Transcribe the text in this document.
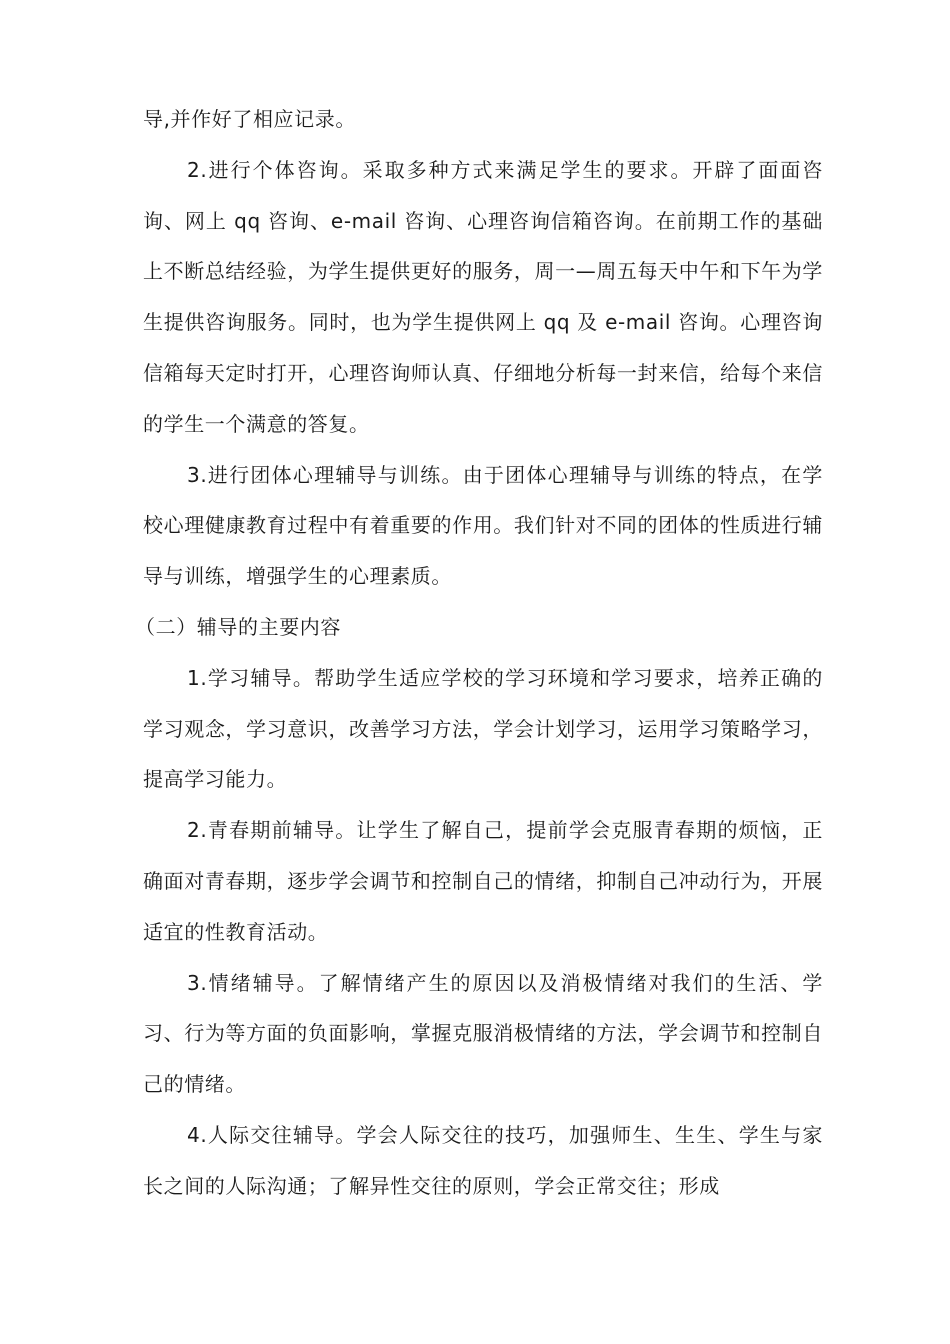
导,并作好了相应记录。

2.进行个体咨询。采取多种方式来满足学生的要求。开辟了面面咨询、网上 qq 咨询、e-mail 咨询、心理咨询信箱咨询。在前期工作的基础上不断总结经验，为学生提供更好的服务，周一—周五每天中午和下午为学生提供咨询服务。同时，也为学生提供网上 qq 及 e-mail 咨询。心理咨询信箱每天定时打开，心理咨询师认真、仔细地分析每一封来信，给每个来信的学生一个满意的答复。

3.进行团体心理辅导与训练。由于团体心理辅导与训练的特点，在学校心理健康教育过程中有着重要的作用。我们针对不同的团体的性质进行辅导与训练，增强学生的心理素质。

（二）辅导的主要内容

1.学习辅导。帮助学生适应学校的学习环境和学习要求，培养正确的学习观念，学习意识，改善学习方法，学会计划学习，运用学习策略学习，提高学习能力。

2.青春期前辅导。让学生了解自己，提前学会克服青春期的烦恼，正确面对青春期，逐步学会调节和控制自己的情绪，抑制自己冲动行为，开展适宜的性教育活动。

3.情绪辅导。了解情绪产生的原因以及消极情绪对我们的生活、学习、行为等方面的负面影响，掌握克服消极情绪的方法，学会调节和控制自己的情绪。

4.人际交往辅导。学会人际交往的技巧，加强师生、生生、学生与家长之间的人际沟通；了解异性交往的原则，学会正常交往；形成
